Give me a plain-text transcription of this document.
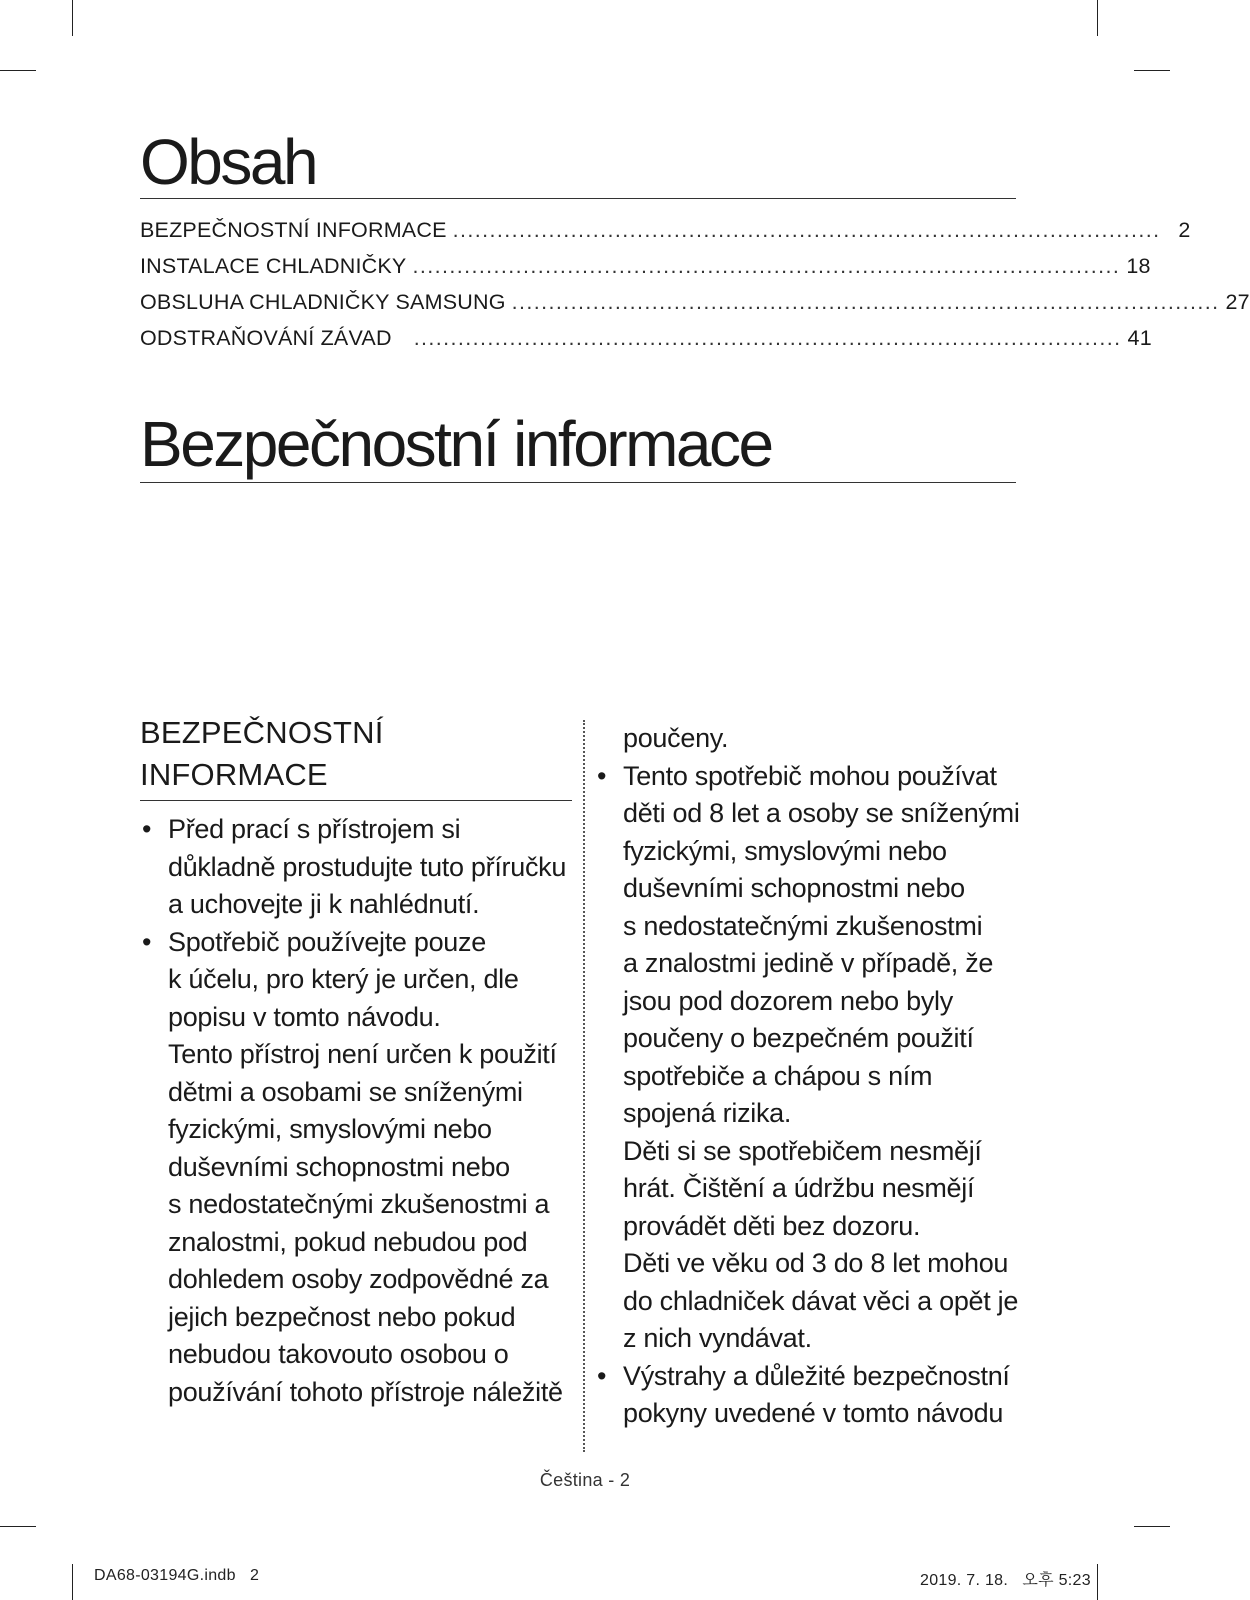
Obsah
BEZPEČNOSTNÍ INFORMACE ................................................................................................ 2
INSTALACE CHLADNIČKY ................................................................................................ 18
OBSLUHA CHLADNIČKY SAMSUNG ................................................................................................ 27
ODSTRAŇOVÁNÍ ZÁVAD ................................................................................................ 41
Bezpečnostní informace
BEZPEČNOSTNÍ
INFORMACE
• Před prací s přístrojem si
důkladně prostudujte tuto příručku
a uchovejte ji k nahlédnutí.
• Spotřebič používejte pouze
k účelu, pro který je určen, dle
popisu v tomto návodu.
Tento přístroj není určen k použití
dětmi a osobami se sníženými
fyzickými, smyslovými nebo
duševními schopnostmi nebo
s nedostatečnými zkušenostmi a
znalostmi, pokud nebudou pod
dohledem osoby zodpovědné za
jejich bezpečnost nebo pokud
nebudou takovouto osobou o
používání tohoto přístroje náležitě
poučeny.
• Tento spotřebič mohou používat
děti od 8 let a osoby se sníženými
fyzickými, smyslovými nebo
duševními schopnostmi nebo
s nedostatečnými zkušenostmi
a znalostmi jedině v případě, že
jsou pod dozorem nebo byly
poučeny o bezpečném použití
spotřebiče a chápou s ním
spojená rizika.
Děti si se spotřebičem nesmějí
hrát. Čištění a údržbu nesmějí
provádět děti bez dozoru.
Děti ve věku od 3 do 8 let mohou
do chladniček dávat věci a opět je
z nich vyndávat.
• Výstrahy a důležité bezpečnostní
pokyny uvedené v tomto návodu
Čeština - 2
DA68-03194G.indb   2	2019. 7. 18.   오후 5:23
